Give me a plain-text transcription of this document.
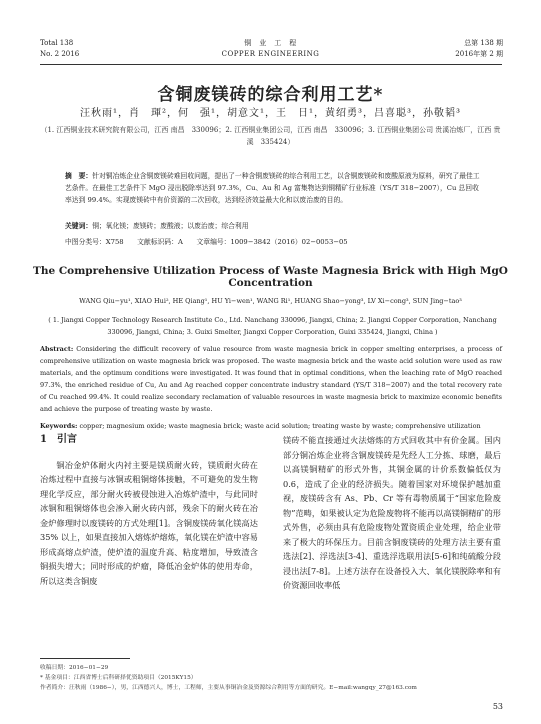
Total 138
No. 2 2016
铜　业　工　程
COPPER ENGINEERING
总第 138 期
2016年第 2 期
含铜废镁砖的综合利用工艺*
汪秋雨¹，肖　琿²，何　强¹，胡意文¹，王　日¹，黄绍勇³，吕喜聪³，孙敬韬³
（1. 江西铜业技术研究院有限公司，江西 南昌　330096；2. 江西铜业集团公司，江西 南昌　330096；3. 江西铜业集团公司 贵溪冶炼厂，江西 贵溪　335424）

摘　要：针对铜冶炼企业含铜废镁砖难回收问题，提出了一种含铜废镁砖的综合利用工艺，以含铜废镁砖和废酸原液为原料，研究了最佳工艺条件。在最佳工艺条件下 MgO 浸出脱除率达到 97.3%，Cu、Au 和 Ag 富集物达到铜精矿行业标准（YS/T 318−2007），Cu 总回收率达到 99.4%。实现废镁砖中有价资源的二次回收，达到经济效益最大化和以废治废的目的。

关键词：铜；氧化镁；废镁砖；废酸液；以废治废；综合利用
中图分类号：X758　　文献标识码：A　　文章编号：1009−3842（2016）02−0053−05
The Comprehensive Utilization Process of Waste Magnesia Brick with High MgO Concentration
WANG Qiu−yu¹, XIAO Hui², HE Qiang¹, HU Yi−wen¹, WANG Ri¹, HUANG Shao−yong³, LV Xi−cong³, SUN Jing−tao³
( 1. Jiangxi Copper Technology Research Institute Co., Ltd. Nanchang 330096, Jiangxi, China; 2. Jiangxi Copper Corporation, Nanchang 330096, Jiangxi, China; 3. Guixi Smelter, Jiangxi Copper Corporation, Guixi 335424, Jiangxi, China )
Abstract: Considering the difficult recovery of value resource from waste magnesia brick in copper smelting enterprises, a process of comprehensive utilization on waste magnesia brick was proposed. The waste magnesia brick and the waste acid solution were used as raw materials, and the optimum conditions were investigated. It was found that in optimal conditions, when the leaching rate of MgO reached 97.3%, the enriched residue of Cu, Au and Ag reached copper concentrate industry standard (YS/T 318−2007) and the total recovery rate of Cu reached 99.4%. It could realize secondary reclamation of valuable resources in waste magnesia brick to maximize economic benefits and achieve the purpose of treating waste by waste.
Keywords: copper; magnesium oxide; waste magnesia brick; waste acid solution; treating waste by waste; comprehensive utilization
1　引言

铜冶金炉体耐火内衬主要是镁质耐火砖，镁质耐火砖在冶炼过程中直接与冰铜或粗铜熔体接触，不可避免的发生物理化学反应，部分耐火砖被侵蚀进入冶炼炉渣中，与此同时冰铜和粗铜熔体也会渗入耐火砖内部，残余下的耐火砖在冶金炉修理时以废镁砖的方式处理[1]。含铜废镁砖氧化镁高达 35% 以上，如果直接加入熔炼炉熔炼，氧化镁在炉渣中容易形成高熔点炉渣，使炉渣的温度升高、粘度增加，导致渣含铜损失增大；同时形成的炉瘤，降低冶金炉体的使用寿命，所以这类含铜废

镁砖不能直接通过火法熔炼的方式回收其中有价金属。国内部分铜冶炼企业将含铜废镁砖是先经人工分拣、球磨，最后以高镁铜精矿的形式外售，其铜金属的计价系数偏低仅为 0.6，造成了企业的经济损失。随着国家对环境保护越加重视，废镁砖含有 As、Pb、Cr 等有毒物质属于“国家危险废物”范畴，如果被认定为危险废物将不能再以高镁铜精矿的形式外售，必须由具有危险废物处置资质企业处理，给企业带来了极大的环保压力。目前含铜废镁砖的处理方法主要有重选法[2]、浮选法[3-4]、重选浮选联用法[5-6]和纯硫酸分段浸出法[7-8]。上述方法存在设备投入大、氧化镁脱除率和有价资源回收率低

收稿日期：2016−01−29
* 基金项目：江西省博士后科研择优资助项目（2015KY15）
作者简介：汪秋雨（1986−），男，江西德兴人，博士，工程师，主要从事铜冶金及资源综合利用等方面的研究。E−mail:wangqy_27@163.com
53
